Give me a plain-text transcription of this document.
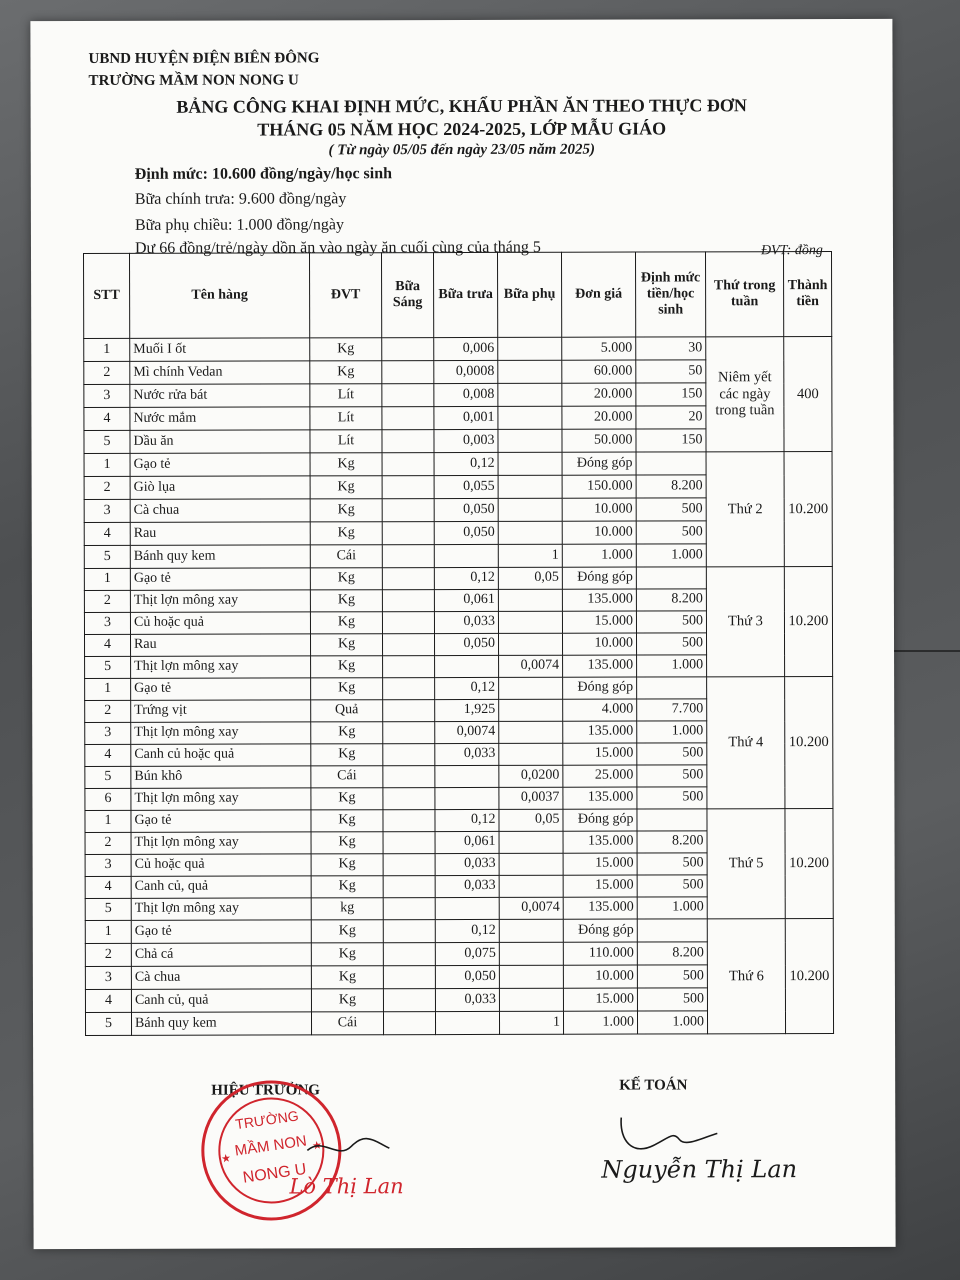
UBND HUYỆN ĐIỆN BIÊN ĐÔNG
TRƯỜNG MẦM NON NONG U
BẢNG CÔNG KHAI ĐỊNH MỨC, KHẨU PHẦN ĂN THEO THỰC ĐƠN
THÁNG 05 NĂM HỌC 2024-2025, LỚP MẪU GIÁO
( Từ ngày 05/05 đến ngày 23/05 năm 2025)
Định mức: 10.600 đồng/ngày/học sinh
Bữa chính trưa: 9.600 đồng/ngày
Bữa phụ chiều: 1.000 đồng/ngày
Dư 66 đồng/trẻ/ngày dồn ăn vào ngày ăn cuối cùng của tháng 5	ĐVT: đồng
STT	Tên hàng	ĐVT	Bữa Sáng	Bữa trưa	Bữa phụ	Đơn giá	Định mức tiền/học sinh	Thứ trong tuần	Thành tiền
1	Muối I ốt	Kg		0,006		5.000	30	Niêm yết các ngày trong tuần	400
2	Mì chính Vedan	Kg		0,0008		60.000	50		
3	Nước rửa bát	Lít		0,008		20.000	150		
4	Nước mắm	Lít		0,001		20.000	20		
5	Dầu ăn	Lít		0,003		50.000	150		
1	Gạo tẻ	Kg		0,12		Đóng góp		Thứ 2	10.200
2	Giò lụa	Kg		0,055		150.000	8.200		
3	Cà chua	Kg		0,050		10.000	500		
4	Rau	Kg		0,050		10.000	500		
5	Bánh quy kem	Cái			1	1.000	1.000		
1	Gạo tẻ	Kg		0,12	0,05	Đóng góp		Thứ 3	10.200
2	Thịt lợn mông xay	Kg		0,061		135.000	8.200		
3	Củ hoặc quả	Kg		0,033		15.000	500		
4	Rau	Kg		0,050		10.000	500		
5	Thịt lợn mông xay	Kg			0,0074	135.000	1.000		
1	Gạo tẻ	Kg		0,12		Đóng góp		Thứ 4	10.200
2	Trứng vịt	Quả		1,925		4.000	7.700		
3	Thịt lợn mông xay	Kg		0,0074		135.000	1.000		
4	Canh củ hoặc quả	Kg		0,033		15.000	500		
5	Bún khô	Cái			0,0200	25.000	500		
6	Thịt lợn mông xay	Kg			0,0037	135.000	500		
1	Gạo tẻ	Kg		0,12	0,05	Đóng góp		Thứ 5	10.200
2	Thịt lợn mông xay	Kg		0,061		135.000	8.200		
3	Củ hoặc quả	Kg		0,033		15.000	500		
4	Canh củ, quả	Kg		0,033		15.000	500		
5	Thịt lợn mông xay	kg			0,0074	135.000	1.000		
1	Gạo tẻ	Kg		0,12		Đóng góp		Thứ 6	10.200
2	Chả cá	Kg		0,075		110.000	8.200		
3	Cà chua	Kg		0,050		10.000	500		
4	Canh củ, quả	Kg		0,033		15.000	500		
5	Bánh quy kem	Cái			1	1.000	1.000		
HIỆU TRƯỞNG	KẾ TOÁN
★
★
TRƯỜNG
MẦM NON
NONG U
Lò Thị Lan
Nguyễn Thị Lan
